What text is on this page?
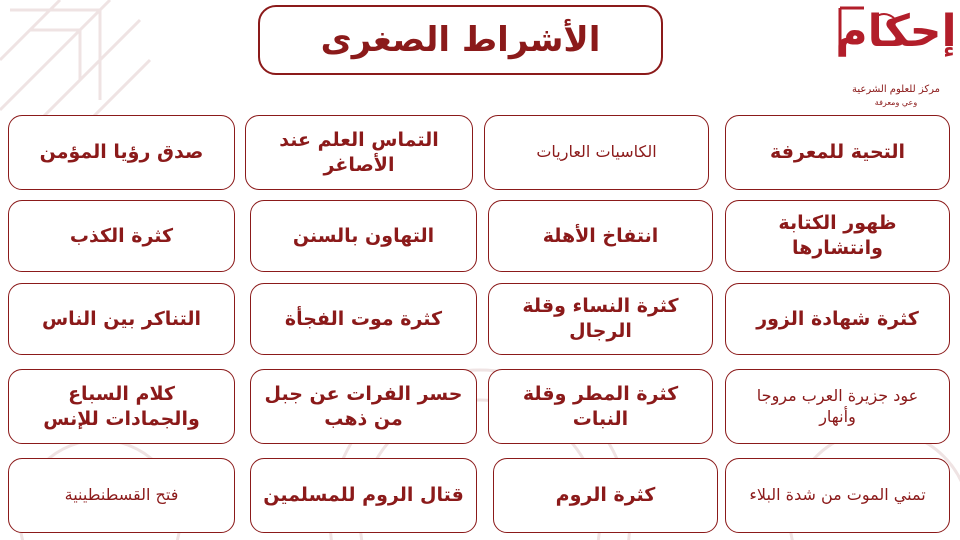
الأشراط الصغرى	إحكام
مركز للعلوم الشرعية
وعي ومعرفة
صدق رؤيا المؤمن
التماس العلم عند الأصاغر
الكاسيات العاريات	التحية للمعرفة
كثرة الكذب	التهاون بالسنن	انتفاخ الأهلة
ظهور الكتابة وانتشارها
التناكر بين الناس	كثرة موت الفجأة
كثرة النساء وقلة الرجال
كثرة شهادة الزور
كلام السباع والجمادات للإنس
حسر الفرات عن جبل من ذهب
كثرة المطر وقلة النبات
عود جزيرة العرب مروجا وأنهار
فتح القسطنطينية	قتال الروم للمسلمين	كثرة الروم	تمني الموت من شدة البلاء
